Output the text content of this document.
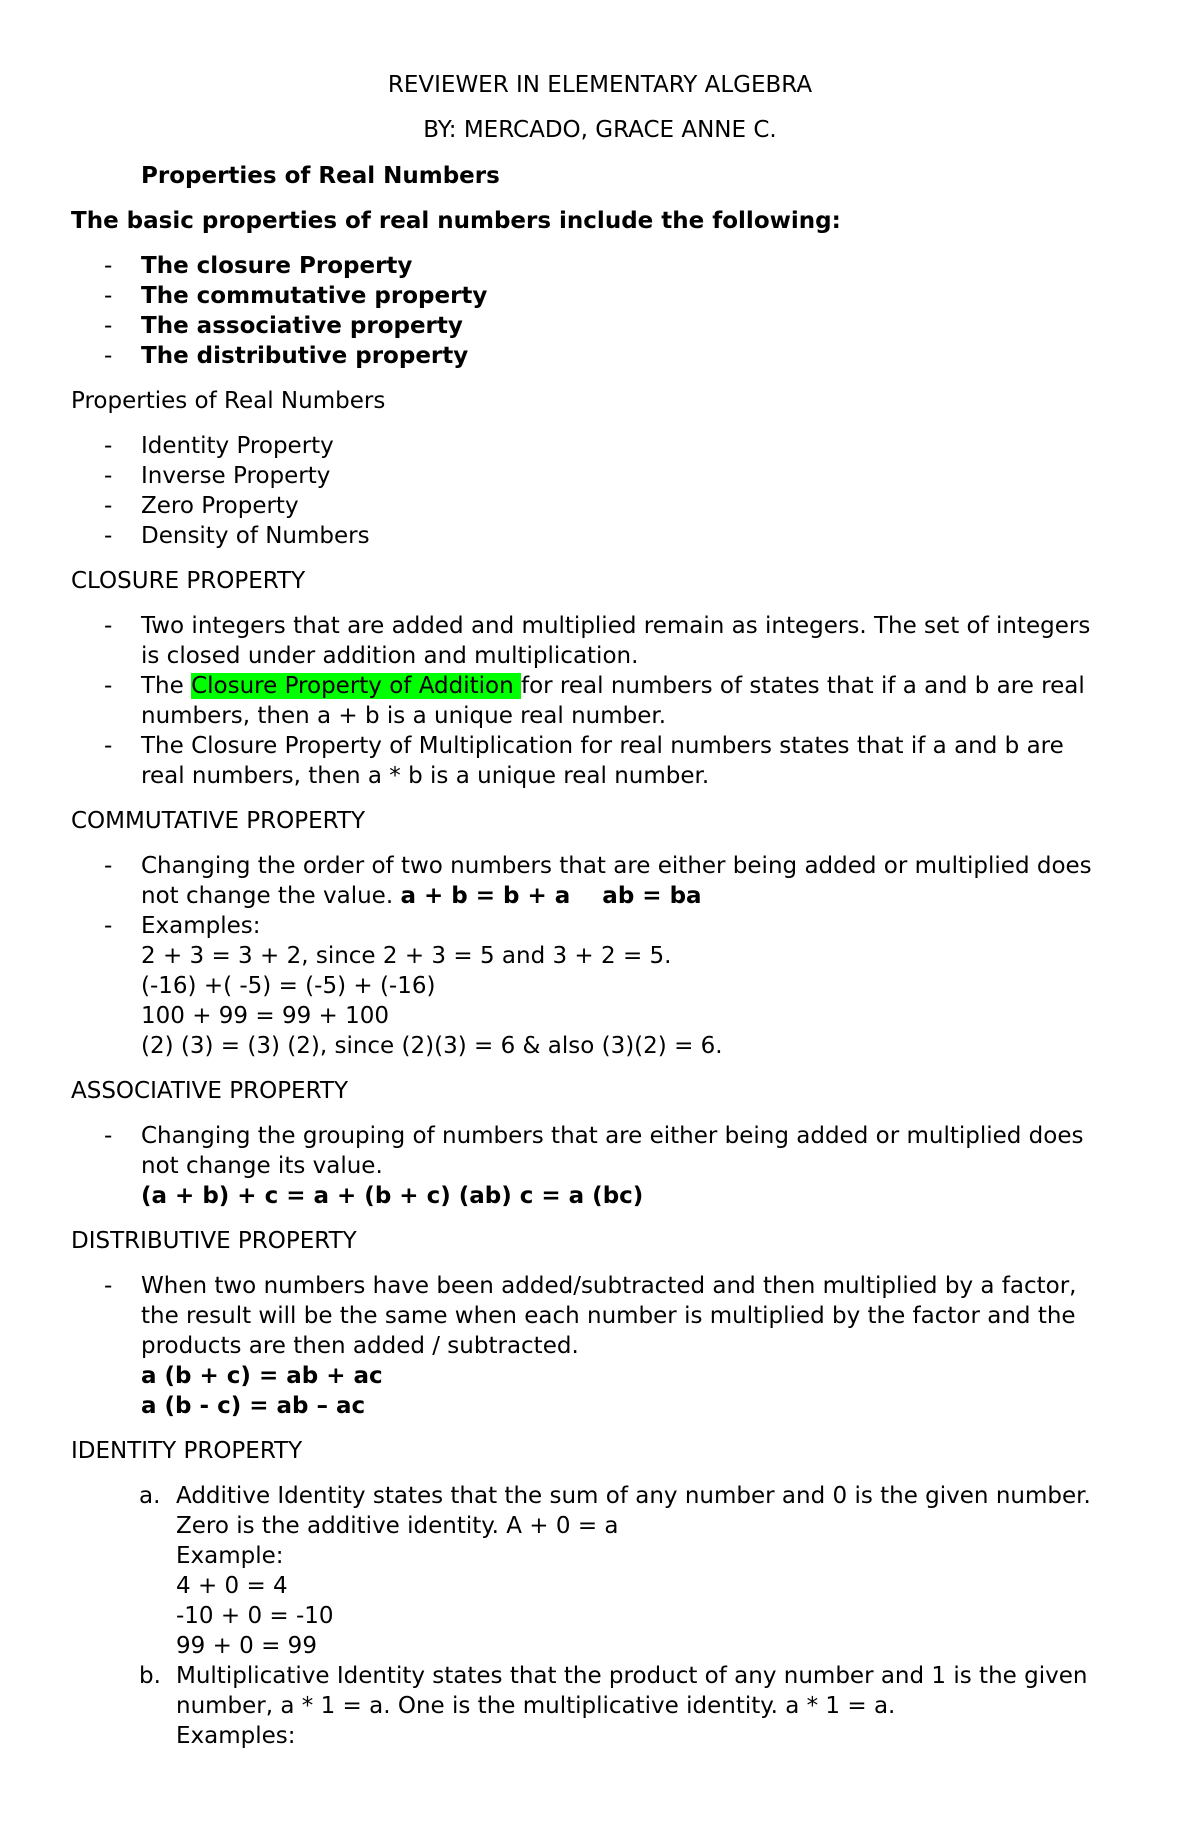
REVIEWER IN ELEMENTARY ALGEBRA
BY: MERCADO, GRACE ANNE C.
Properties of Real Numbers
The basic properties of real numbers include the following:
- The closure Property
- The commutative property
- The associative property
- The distributive property
Properties of Real Numbers
- Identity Property
- Inverse Property
- Zero Property
- Density of Numbers
CLOSURE PROPERTY
- Two integers that are added and multiplied remain as integers. The set of integers
is closed under addition and multiplication.
- The Closure Property of Addition for real numbers of states that if a and b are real
numbers, then a + b is a unique real number.
- The Closure Property of Multiplication for real numbers states that if a and b are
real numbers, then a * b is a unique real number.
COMMUTATIVE PROPERTY
- Changing the order of two numbers that are either being added or multiplied does
not change the value. a + b = b + a    ab = ba
- Examples:
2 + 3 = 3 + 2, since 2 + 3 = 5 and 3 + 2 = 5.
(-16) +( -5) = (-5) + (-16)
100 + 99 = 99 + 100
(2) (3) = (3) (2), since (2)(3) = 6 & also (3)(2) = 6.
ASSOCIATIVE PROPERTY
- Changing the grouping of numbers that are either being added or multiplied does
not change its value.
(a + b) + c = a + (b + c) (ab) c = a (bc)
DISTRIBUTIVE PROPERTY
- When two numbers have been added/subtracted and then multiplied by a factor,
the result will be the same when each number is multiplied by the factor and the
products are then added / subtracted.
a (b + c) = ab + ac
a (b - c) = ab – ac
IDENTITY PROPERTY
a. Additive Identity states that the sum of any number and 0 is the given number.
Zero is the additive identity. A + 0 = a
Example:
4 + 0 = 4
-10 + 0 = -10
99 + 0 = 99
b. Multiplicative Identity states that the product of any number and 1 is the given
number, a * 1 = a. One is the multiplicative identity. a * 1 = a.
Examples:
